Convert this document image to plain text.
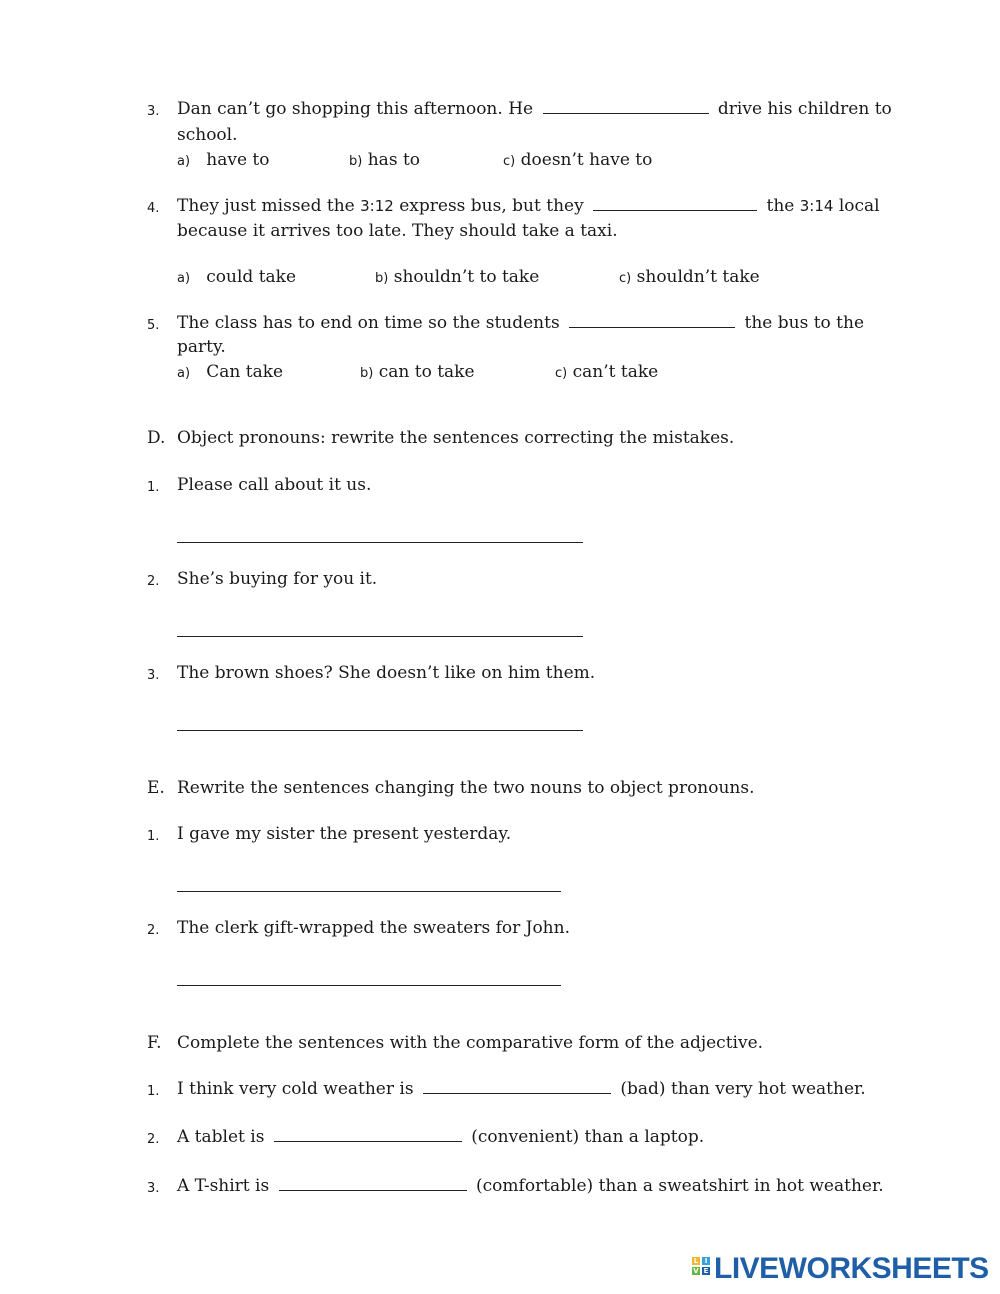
3. Dan can’t go shopping this afternoon. He	drive his children to
school.
a) have to	b) has to	c) doesn’t have to
4. They just missed the 3:12 express bus, but they	the 3:14 local
because it arrives too late. They should take a taxi.
a) could take	b) shouldn’t to take	c) shouldn’t take
5. The class has to end on time so the students	the bus to the
party.
a) Can take	b) can to take	c) can’t take
D. Object pronouns: rewrite the sentences correcting the mistakes.
1. Please call about it us.
2. She’s buying for you it.
3. The brown shoes? She doesn’t like on him them.
E. Rewrite the sentences changing the two nouns to object pronouns.
1. I gave my sister the present yesterday.
2. The clerk gift-wrapped the sweaters for John.
F. Complete the sentences with the comparative form of the adjective.
1. I think very cold weather is	(bad) than very hot weather.
2. A tablet is	(convenient) than a laptop.
3. A T-shirt is	(comfortable) than a sweatshirt in hot weather.
L I
V E LIVEWORKSHEETS
